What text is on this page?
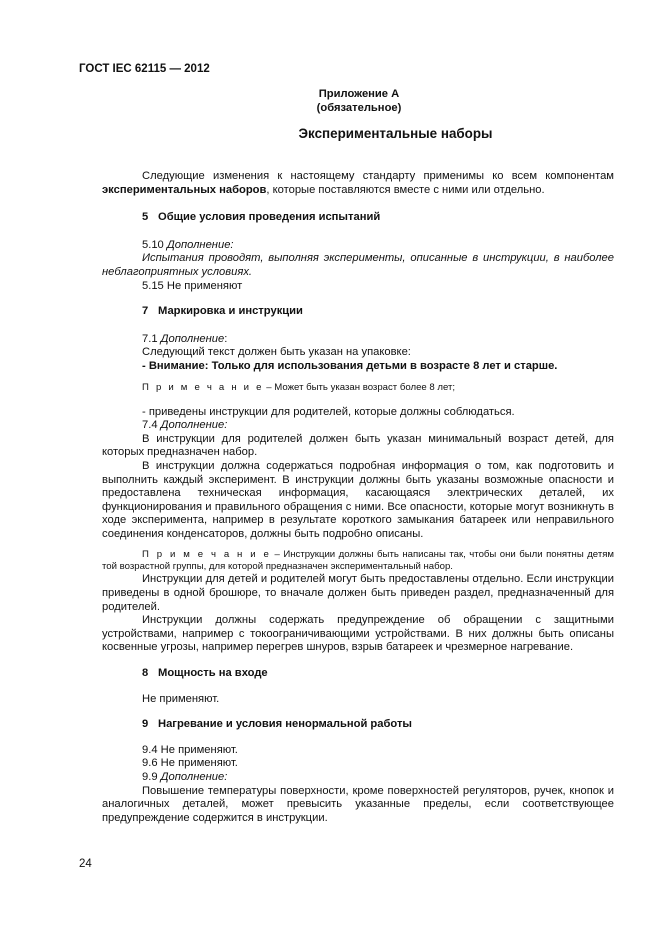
ГОСТ IEC 62115 — 2012
Приложение А
(обязательное)
Экспериментальные наборы

Следующие изменения к настоящему стандарту применимы ко всем компонентам экспериментальных наборов, которые поставляются вместе с ними или отдельно.

5 Общие условия проведения испытаний

5.10 Дополнение:

Испытания проводят, выполняя эксперименты, описанные в инструкции, в наиболее неблагоприятных условиях.

5.15 Не применяют

7 Маркировка и инструкции

7.1 Дополнение:

Следующий текст должен быть указан на упаковке:

- Внимание: Только для использования детьми в возрасте 8 лет и старше.

П р и м е ч а н и е – Может быть указан возраст более 8 лет;

- приведены инструкции для родителей, которые должны соблюдаться.

7.4 Дополнение:

В инструкции для родителей должен быть указан минимальный возраст детей, для которых предназначен набор.

В инструкции должна содержаться подробная информация о том, как подготовить и выполнить каждый эксперимент. В инструкции должны быть указаны возможные опасности и предоставлена техническая информация, касающаяся электрических деталей, их функционирования и правильного обращения с ними. Все опасности, которые могут возникнуть в ходе эксперимента, например в результате короткого замыкания батареек или неправильного соединения конденсаторов, должны быть подробно описаны.

П р и м е ч а н и е – Инструкции должны быть написаны так, чтобы они были понятны детям той возрастной группы, для которой предназначен экспериментальный набор.

Инструкции для детей и родителей могут быть предоставлены отдельно. Если инструкции приведены в одной брошюре, то вначале должен быть приведен раздел, предназначенный для родителей.

Инструкции должны содержать предупреждение об обращении с защитными устройствами, например с токоограничивающими устройствами. В них должны быть описаны косвенные угрозы, например перегрев шнуров, взрыв батареек и чрезмерное нагревание.

8 Мощность на входе

Не применяют.

9 Нагревание и условия ненормальной работы

9.4 Не применяют.

9.6 Не применяют.

9.9 Дополнение:

Повышение температуры поверхности, кроме поверхностей регуляторов, ручек, кнопок и аналогичных деталей, может превысить указанные пределы, если соответствующее предупреждение содержится в инструкции.

24
